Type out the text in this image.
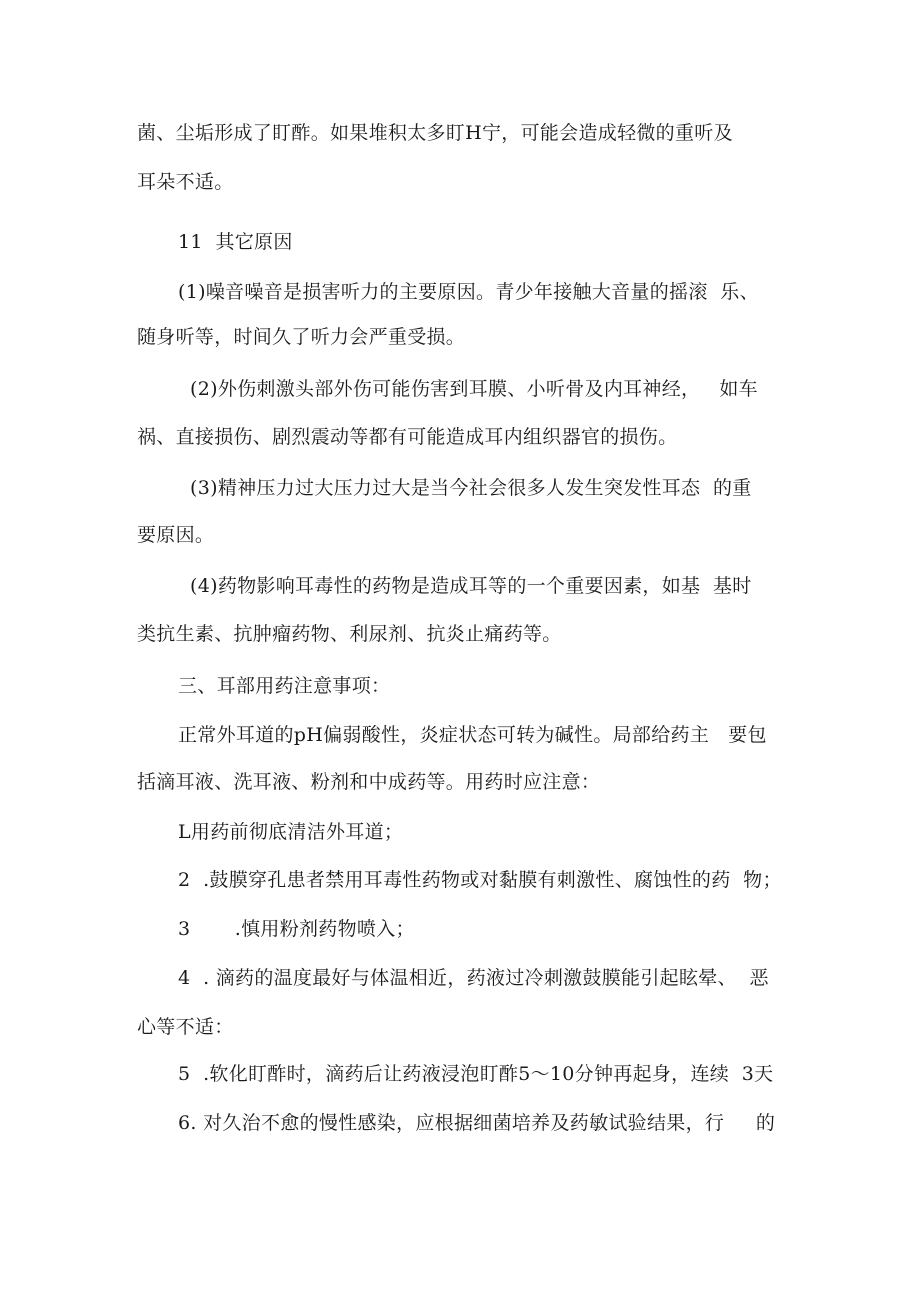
菌、尘垢形成了盯酢。如果堆积太多盯H宁，可能会造成轻微的重听及
耳朵不适。
11  其它原因
(1)噪音噪音是损害听力的主要原因。青少年接触大音量的摇滚  乐、
随身听等，时间久了听力会严重受损。
(2)外伤刺激头部外伤可能伤害到耳膜、小听骨及内耳神经，   如车
祸、直接损伤、剧烈震动等都有可能造成耳内组织器官的损伤。
(3)精神压力过大压力过大是当今社会很多人发生突发性耳态  的重
要原因。
(4)药物影响耳毒性的药物是造成耳等的一个重要因素，如基  基时
类抗生素、抗肿瘤药物、利尿剂、抗炎止痛药等。
三、耳部用药注意事项：
正常外耳道的pH偏弱酸性，炎症状态可转为碱性。局部给药主   要包
括滴耳液、洗耳液、粉剂和中成药等。用药时应注意：
L用药前彻底清洁外耳道；
2  .鼓膜穿孔患者禁用耳毒性药物或对黏膜有刺激性、腐蚀性的药  物；
3       .慎用粉剂药物喷入；
4  . 滴药的温度最好与体温相近，药液过冷刺激鼓膜能引起眩晕、  恶
心等不适：
5  .软化盯酢时，滴药后让药液浸泡盯酢5～10分钟再起身，连续  3天
6. 对久治不愈的慢性感染，应根据细菌培养及药敏试验结果，行     的
